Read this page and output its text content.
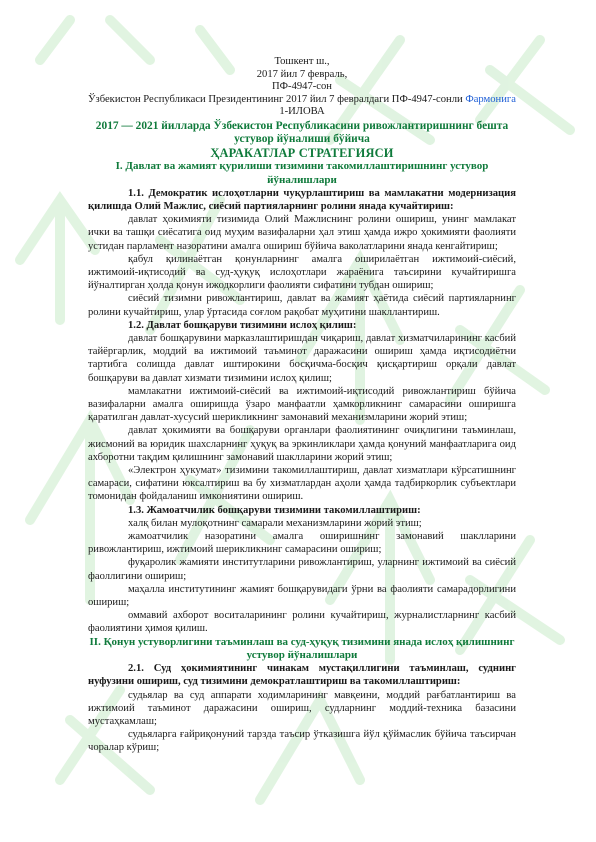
Тошкент ш.,
2017 йил 7 февраль,
ПФ-4947-сон
Ўзбекистон Республикаси Президентининг 2017 йил 7 февралдаги ПФ-4947-сонли Фармонига
1-ИЛОВА
2017 — 2021 йилларда Ўзбекистон Республикасини ривожлантиришнинг бешта
устувор йўналиши бўйича
ҲАРАКАТЛАР СТРАТЕГИЯСИ
I. Давлат ва жамият қурилиши тизимини такомиллаштиришнинг устувор йўналишлари

1.1. Демократик ислоҳотларни чуқурлаштириш ва мамлакатни модернизация қилишда Олий Мажлис, сиёсий партияларнинг ролини янада кучайтириш:

давлат ҳокимияти тизимида Олий Мажлиснинг ролини ошириш, унинг мамлакат ички ва ташқи сиёсатига оид муҳим вазифаларни ҳал этиш ҳамда ижро ҳокимияти фаолияти устидан парламент назоратини амалга ошириш бўйича ваколатларини янада кенгайтириш;

қабул қилинаётган қонунларнинг амалга оширилаётган ижтимоий-сиёсий, ижтимоий-иқтисодий ва суд-ҳуқуқ ислоҳотлари жараёнига таъсирини кучайтиришга йўналтирган ҳолда қонун ижодкорлиги фаолияти сифатини тубдан ошириш;

сиёсий тизимни ривожлантириш, давлат ва жамият ҳаётида сиёсий партияларнинг ролини кучайтириш, улар ўртасида соғлом рақобат муҳитини шакллантириш.

1.2. Давлат бошқаруви тизимини ислоҳ қилиш:

давлат бошқарувини марказлаштиришдан чиқариш, давлат хизматчиларининг касбий тайёргарлик, моддий ва ижтимоий таъминот даражасини ошириш ҳамда иқтисодиётни тартибга солишда давлат иштирокини босқичма-босқич қисқартириш орқали давлат бошқаруви ва давлат хизмати тизимини ислоҳ қилиш;

мамлакатни ижтимоий-сиёсий ва ижтимоий-иқтисодий ривожлантириш бўйича вазифаларни амалга оширишда ўзаро манфаатли ҳамкорликнинг самарасини оширишга қаратилган давлат-хусусий шерикликнинг замонавий механизмларини жорий этиш;

давлат ҳокимияти ва бошқаруви органлари фаолиятининг очиқлигини таъминлаш, жисмоний ва юридик шахсларнинг ҳуқуқ ва эркинликлари ҳамда қонуний манфаатларига оид ахборотни тақдим қилишнинг замонавий шаклларини жорий этиш;

«Электрон ҳукумат» тизимини такомиллаштириш, давлат хизматлари кўрсатишнинг самараси, сифатини юксалтириш ва бу хизматлардан аҳоли ҳамда тадбиркорлик субъектлари томонидан фойдаланиш имкониятини ошириш.

1.3. Жамоатчилик бошқаруви тизимини такомиллаштириш:

халқ билан мулоқотнинг самарали механизмларини жорий этиш;

жамоатчилик назоратини амалга оширишнинг замонавий шаклларини ривожлантириш, ижтимоий шерикликнинг самарасини ошириш;

фуқаролик жамияти институтларини ривожлантириш, уларнинг ижтимоий ва сиёсий фаоллигини ошириш;

маҳалла институтининг жамият бошқарувидаги ўрни ва фаолияти самарадорлигини ошириш;

оммавий ахборот воситаларининг ролини кучайтириш, журналистларнинг касбий фаолиятини ҳимоя қилиш.

II. Қонун устуворлигини таъминлаш ва суд-ҳуқуқ тизимини янада ислоҳ қилишнинг устувор йўналишлари

2.1. Суд ҳокимиятининг чинакам мустақиллигини таъминлаш, суднинг нуфузини ошириш, суд тизимини демократлаштириш ва такомиллаштириш:

судьялар ва суд аппарати ходимларининг мавқеини, моддий рағбатлантириш ва ижтимоий таъминот даражасини ошириш, судларнинг моддий-техника базасини мустаҳкамлаш;

судьяларга ғайриқонуний тарзда таъсир ўтказишга йўл қўймаслик бўйича таъсирчан чоралар кўриш;
